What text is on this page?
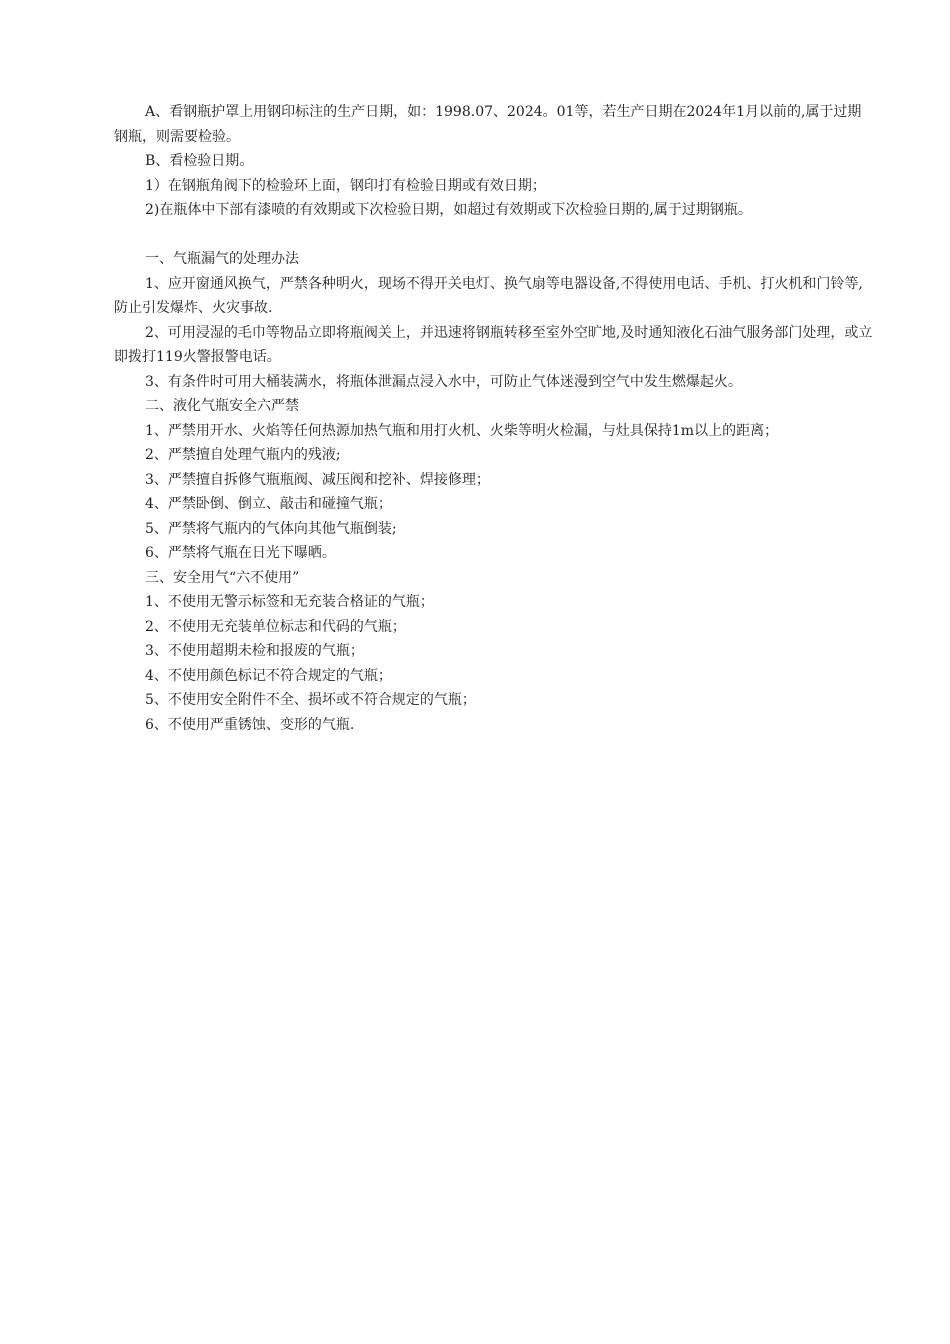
A、看钢瓶护罩上用钢印标注的生产日期，如：1998.07、2024。01等，若生产日期在2024年1月以前的,属于过期钢瓶，则需要检验。

B、看检验日期。

1）在钢瓶角阀下的检验环上面，钢印打有检验日期或有效日期；

2)在瓶体中下部有漆喷的有效期或下次检验日期，如超过有效期或下次检验日期的,属于过期钢瓶。

一、气瓶漏气的处理办法

1、应开窗通风换气，严禁各种明火，现场不得开关电灯、换气扇等电器设备,不得使用电话、手机、打火机和门铃等,防止引发爆炸、火灾事故.

2、可用浸湿的毛巾等物品立即将瓶阀关上，并迅速将钢瓶转移至室外空旷地,及时通知液化石油气服务部门处理，或立即拨打119火警报警电话。

3、有条件时可用大桶装满水，将瓶体泄漏点浸入水中，可防止气体迷漫到空气中发生燃爆起火。

二、液化气瓶安全六严禁

1、严禁用开水、火焰等任何热源加热气瓶和用打火机、火柴等明火检漏，与灶具保持1m以上的距离；

2、严禁擅自处理气瓶内的残液;

3、严禁擅自拆修气瓶瓶阀、减压阀和挖补、焊接修理；

4、严禁卧倒、倒立、敲击和碰撞气瓶；

5、严禁将气瓶内的气体向其他气瓶倒装;

6、严禁将气瓶在日光下曝晒。

三、安全用气“六不使用”

1、不使用无警示标签和无充装合格证的气瓶；

2、不使用无充装单位标志和代码的气瓶；

3、不使用超期未检和报废的气瓶；

4、不使用颜色标记不符合规定的气瓶；

5、不使用安全附件不全、损坏或不符合规定的气瓶；

6、不使用严重锈蚀、变形的气瓶.
